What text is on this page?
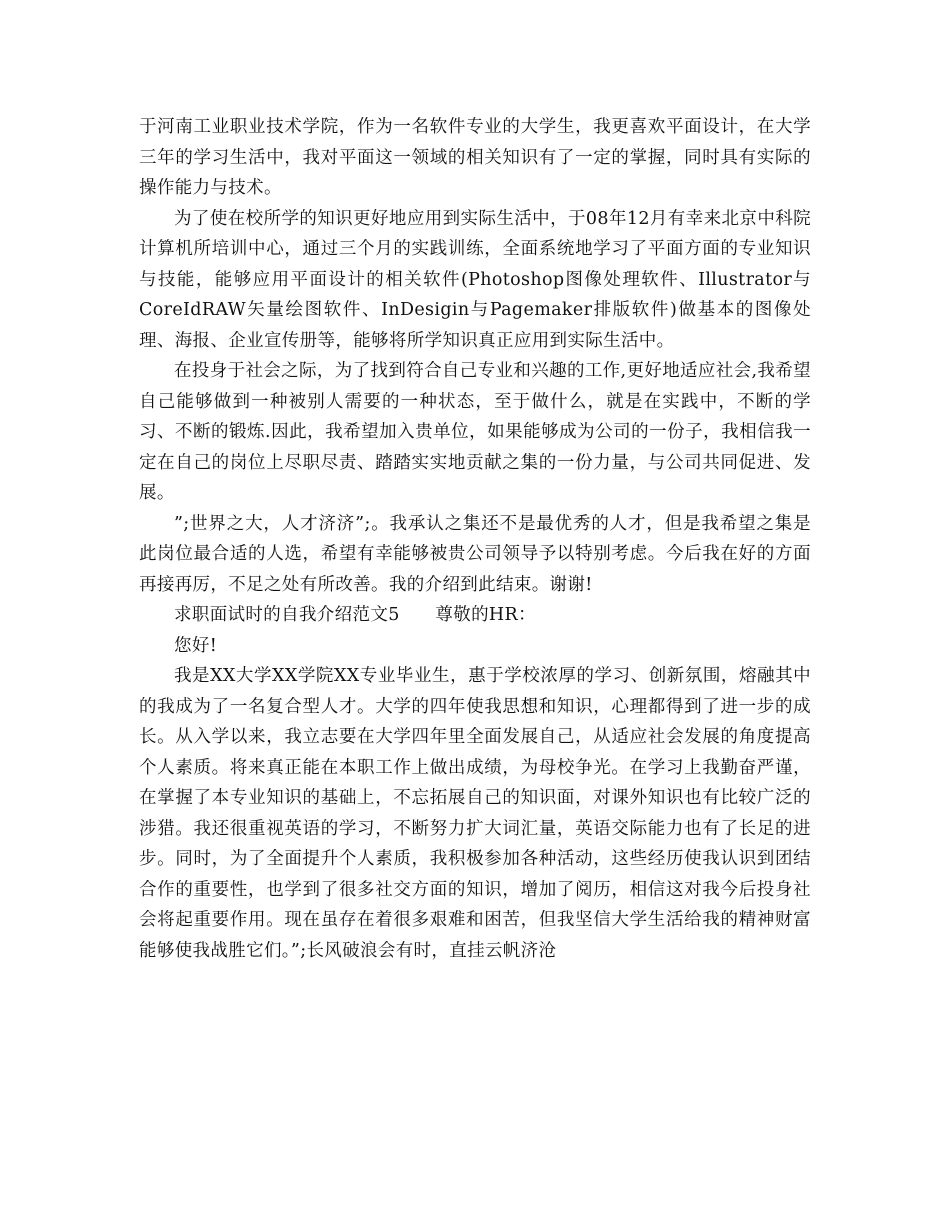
于河南工业职业技术学院，作为一名软件专业的大学生，我更喜欢平面设计，在大学三年的学习生活中，我对平面这一领域的相关知识有了一定的掌握，同时具有实际的操作能力与技术。

为了使在校所学的知识更好地应用到实际生活中，于08年12月有幸来北京中科院计算机所培训中心，通过三个月的实践训练，全面系统地学习了平面方面的专业知识与技能，能够应用平面设计的相关软件(Photoshop图像处理软件、Illustrator与CoreIdRAW矢量绘图软件、InDesigin与Pagemaker排版软件)做基本的图像处理、海报、企业宣传册等，能够将所学知识真正应用到实际生活中。

在投身于社会之际，为了找到符合自己专业和兴趣的工作,更好地适应社会,我希望自己能够做到一种被别人需要的一种状态，至于做什么，就是在实践中，不断的学习、不断的锻炼.因此，我希望加入贵单位，如果能够成为公司的一份子，我相信我一定在自己的岗位上尽职尽责、踏踏实实地贡献之集的一份力量，与公司共同促进、发展。

”;世界之大，人才济济”;。我承认之集还不是最优秀的人才，但是我希望之集是此岗位最合适的人选，希望有幸能够被贵公司领导予以特别考虑。今后我在好的方面再接再厉，不足之处有所改善。我的介绍到此结束。谢谢!

求职面试时的自我介绍范文5　　尊敬的HR：

您好!

我是XX大学XX学院XX专业毕业生，惠于学校浓厚的学习、创新氛围，熔融其中的我成为了一名复合型人才。大学的四年使我思想和知识，心理都得到了进一步的成长。从入学以来，我立志要在大学四年里全面发展自己，从适应社会发展的角度提高个人素质。将来真正能在本职工作上做出成绩，为母校争光。在学习上我勤奋严谨，在掌握了本专业知识的基础上，不忘拓展自己的知识面，对课外知识也有比较广泛的涉猎。我还很重视英语的学习，不断努力扩大词汇量，英语交际能力也有了长足的进步。同时，为了全面提升个人素质，我积极参加各种活动，这些经历使我认识到团结合作的重要性，也学到了很多社交方面的知识，增加了阅历，相信这对我今后投身社会将起重要作用。现在虽存在着很多艰难和困苦，但我坚信大学生活给我的精神财富能够使我战胜它们。”;长风破浪会有时，直挂云帆济沧
